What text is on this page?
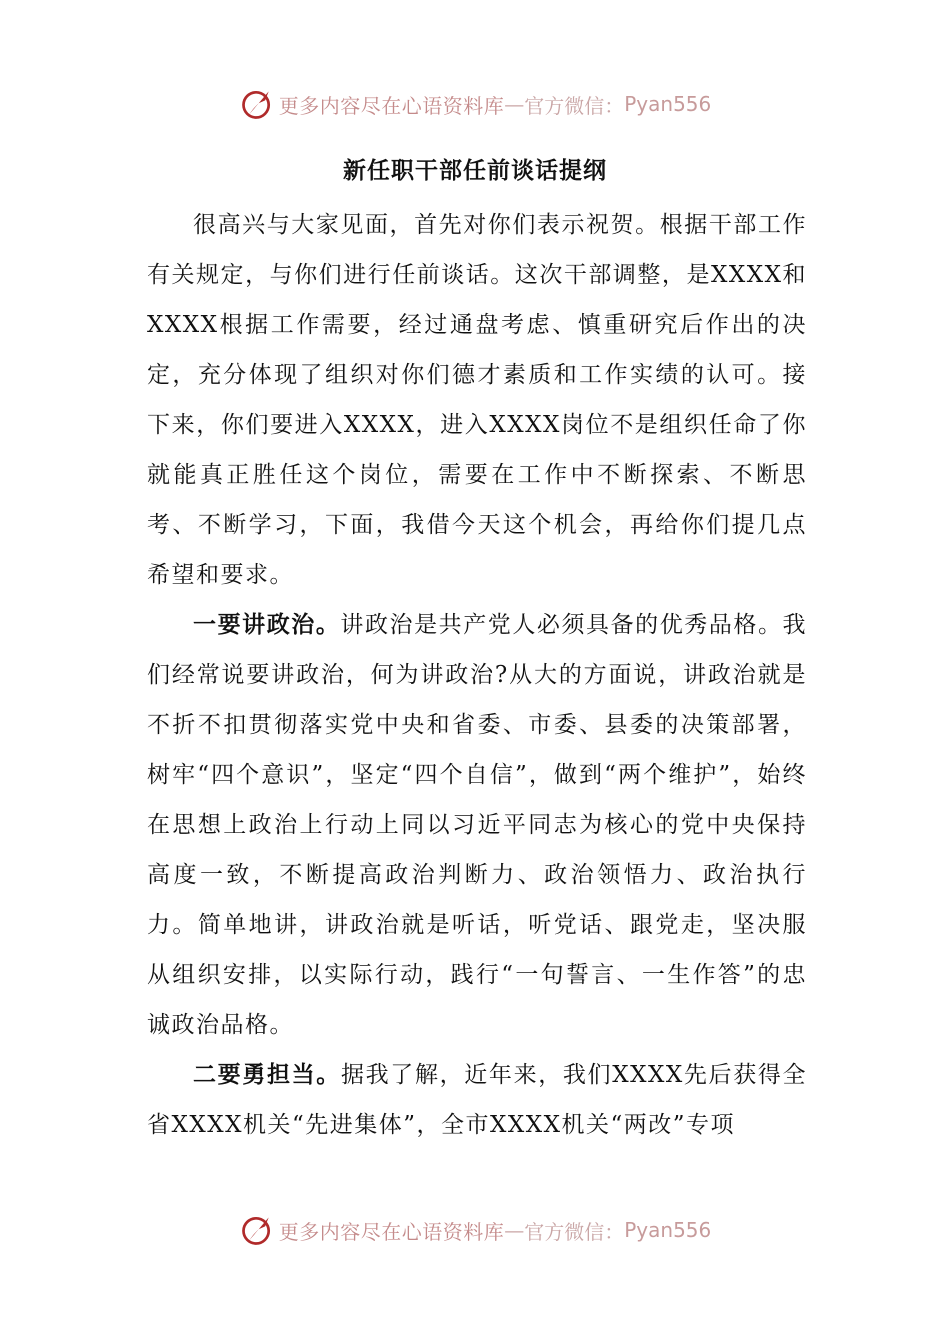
更多内容尽在心语资料库 — 官方微信： Pyan556
新任职干部任前谈话提纲

很高兴与大家见面，首先对你们表示祝贺。根据干部工作有关规定，与你们进行任前谈话。这次干部调整，是XXXX和XXXX根据工作需要，经过通盘考虑、慎重研究后作出的决定，充分体现了组织对你们德才素质和工作实绩的认可。接下来，你们要进入XXXX，进入XXXX岗位不是组织任命了你就能真正胜任这个岗位，需要在工作中不断探索、不断思考、不断学习，下面，我借今天这个机会，再给你们提几点希望和要求。

一要讲政治。讲政治是共产党人必须具备的优秀品格。我们经常说要讲政治，何为讲政治?从大的方面说，讲政治就是不折不扣贯彻落实党中央和省委、市委、县委的决策部署，树牢“四个意识”，坚定“四个自信”，做到“两个维护”，始终在思想上政治上行动上同以习近平同志为核心的党中央保持高度一致，不断提高政治判断力、政治领悟力、政治执行力。简单地讲，讲政治就是听话，听党话、跟党走，坚决服从组织安排，以实际行动，践行“一句誓言、一生作答”的忠诚政治品格。

二要勇担当。据我了解，近年来，我们XXXX先后获得全省XXXX机关“先进集体”，全市XXXX机关“两改”专项

更多内容尽在心语资料库 — 官方微信： Pyan556
